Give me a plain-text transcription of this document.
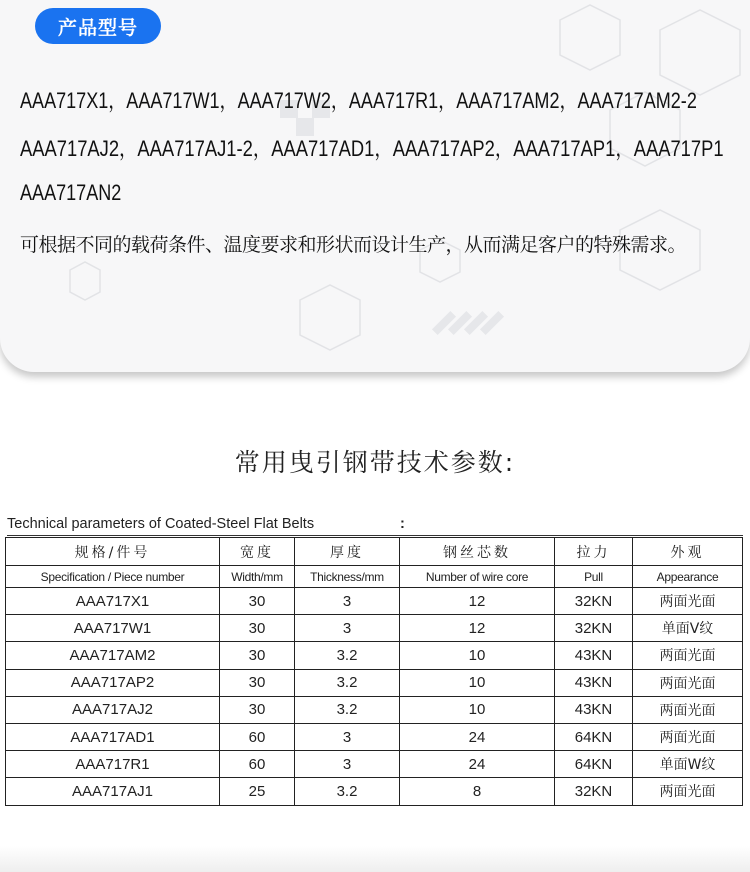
产品型号
AAA717X1，AAA717W1，AAA717W2，AAA717R1，AAA717AM2，AAA717AM2-2
AAA717AJ2，AAA717AJ1-2，AAA717AD1，AAA717AP2，AAA717AP1，AAA717P1
AAA717AN2
可根据不同的载荷条件、温度要求和形状而设计生产，从而满足客户的特殊需求。
常用曳引钢带技术参数:
Technical parameters of Coated-Steel Flat Belts	:
规格/件号	宽度	厚度	钢丝芯数	拉力	外观
Specification / Piece number	Width/mm	Thickness/mm	Number of wire core	Pull	Appearance
AAA717X1	30	3	12	32KN	两面光面
AAA717W1	30	3	12	32KN	单面V纹
AAA717AM2	30	3.2	10	43KN	两面光面
AAA717AP2	30	3.2	10	43KN	两面光面
AAA717AJ2	30	3.2	10	43KN	两面光面
AAA717AD1	60	3	24	64KN	两面光面
AAA717R1	60	3	24	64KN	单面W纹
AAA717AJ1	25	3.2	8	32KN	两面光面
